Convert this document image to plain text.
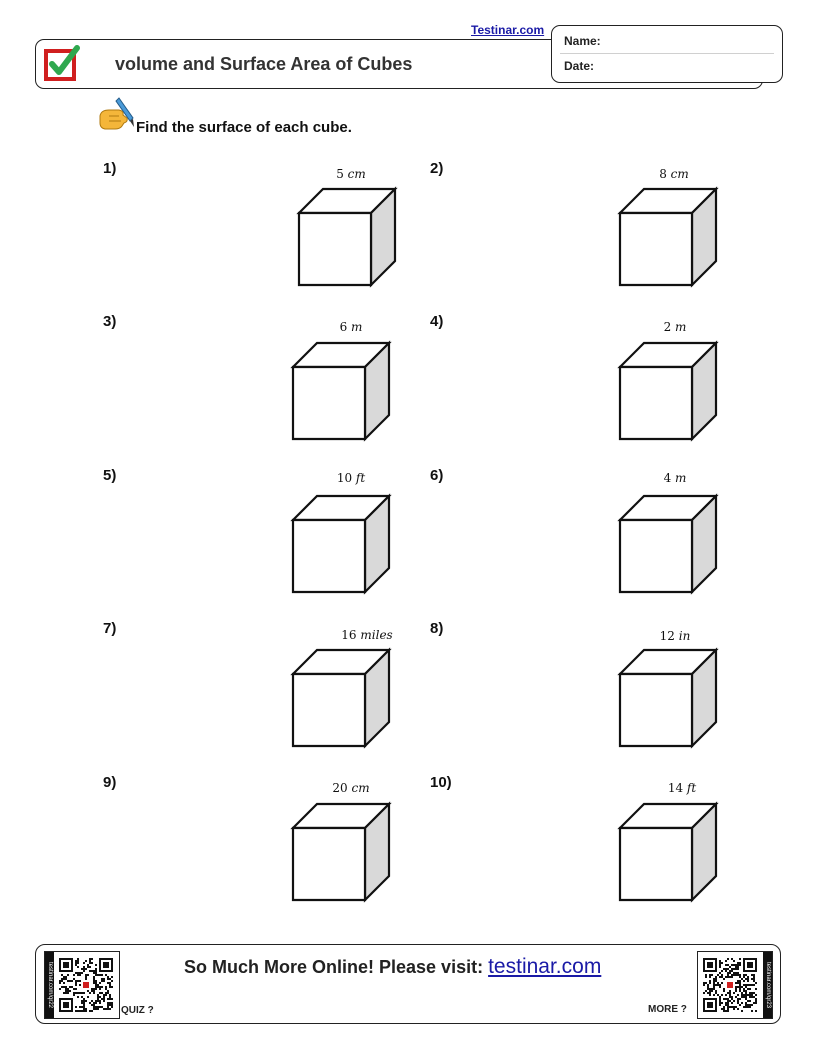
Testinar.com
volume and Surface Area of Cubes
Name:
Date:
Find the surface of each cube.
1)	5 cm	2)	8 cm
3)	6 m	4)	2 m
5)	10 ft	6)	4 m
7)	16 miles 8)	12 in
9)	20 cm	10)	14 ft
testinar.com/qr22
QUIZ ?
So Much More Online! Please visit: testinar.com
MORE ?
testinar.com/qr23
